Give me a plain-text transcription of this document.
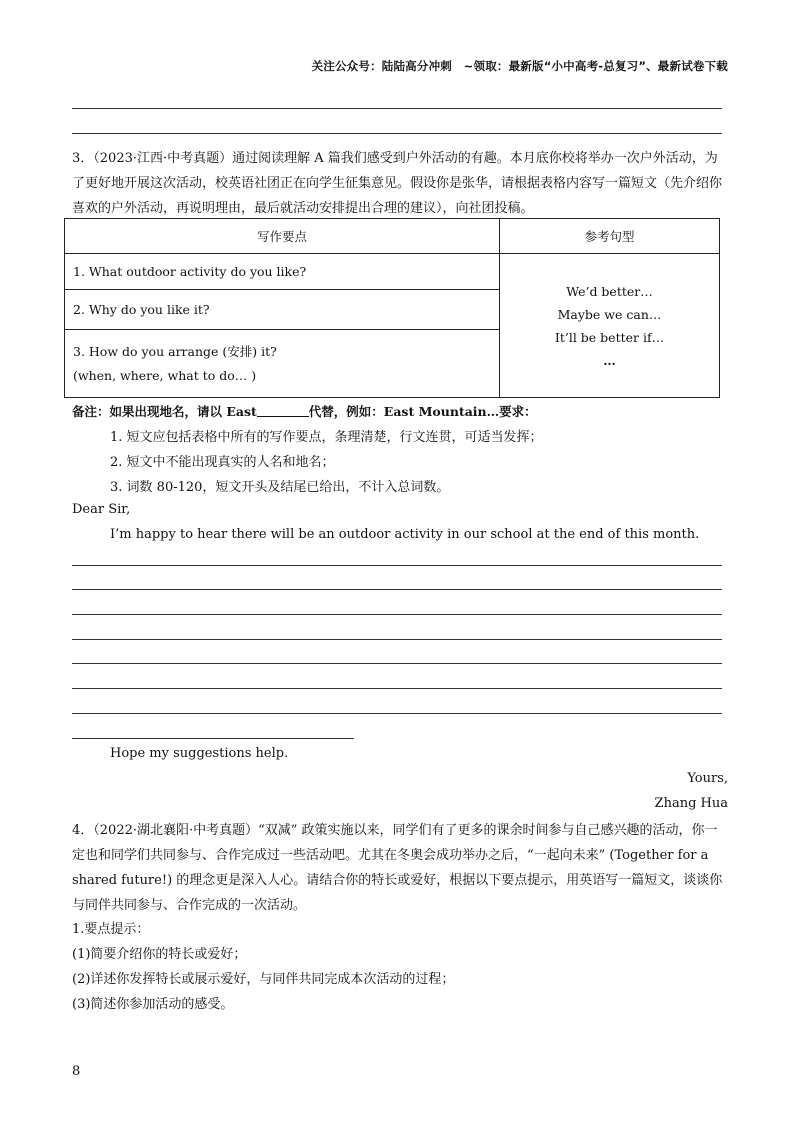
关注公众号：陆陆高分冲刺　~领取：最新版“小中高考-总复习”、最新试卷下载
3．（2023·江西·中考真题）通过阅读理解 A 篇我们感受到户外活动的有趣。本月底你校将举办一次户外活动，为了更好地开展这次活动，校英语社团正在向学生征集意见。假设你是张华，请根据表格内容写一篇短文（先介绍你喜欢的户外活动，再说明理由，最后就活动安排提出合理的建议），向社团投稿。
写作要点	参考句型
1. What outdoor activity do you like?	We’d better…
Maybe we can…
It’ll be better if…
…

2. Why do you like it?	

3. How do you arrange (安排) it?
(when, where, what to do… )	
备注：如果出现地名，请以 East	代替，例如：East Mountain…要求：
1. 短文应包括表格中所有的写作要点，条理清楚，行文连贯，可适当发挥；
2. 短文中不能出现真实的人名和地名；
3. 词数 80-120，短文开头及结尾已给出，不计入总词数。
Dear Sir,
I’m happy to hear there will be an outdoor activity in our school at the end of this month.
Hope my suggestions help.
Yours,
Zhang Hua
4．（2022·湖北襄阳·中考真题）“双减” 政策实施以来，同学们有了更多的课余时间参与自己感兴趣的活动，你一定也和同学们共同参与、合作完成过一些活动吧。尤其在冬奥会成功举办之后，“一起向未来” (Together for a shared future!) 的理念更是深入人心。请结合你的特长或爱好，根据以下要点提示，用英语写一篇短文，谈谈你与同伴共同参与、合作完成的一次活动。
1.要点提示：
(1)简要介绍你的特长或爱好；
(2)详述你发挥特长或展示爱好，与同伴共同完成本次活动的过程；
(3)简述你参加活动的感受。
8
